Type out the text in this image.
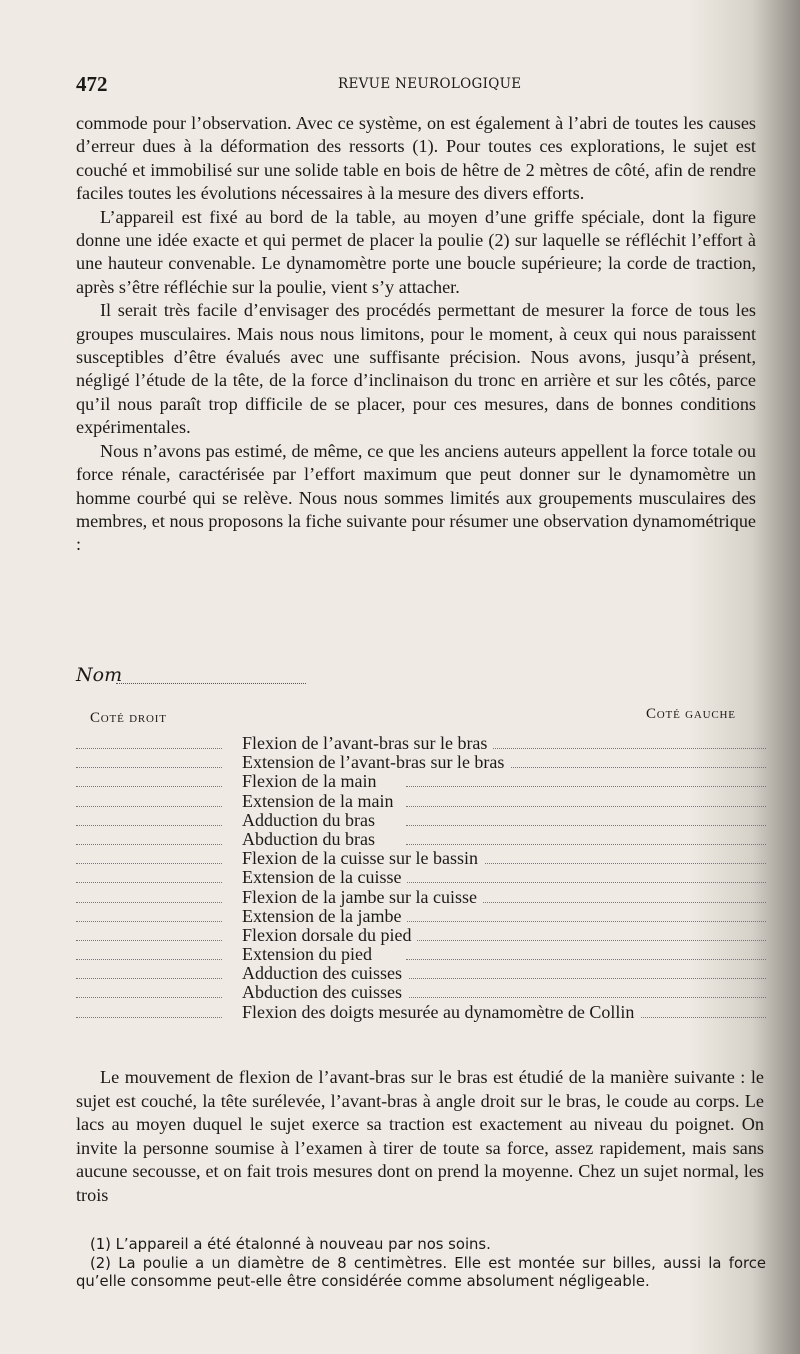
472	REVUE NEUROLOGIQUE

commode pour l’observation. Avec ce système, on est également à l’abri de toutes les causes d’erreur dues à la déformation des ressorts (1). Pour toutes ces explorations, le sujet est couché et immobilisé sur une solide table en bois de hêtre de 2 mètres de côté, afin de rendre faciles toutes les évolutions nécessaires à la mesure des divers efforts.

L’appareil est fixé au bord de la table, au moyen d’une griffe spéciale, dont la figure donne une idée exacte et qui permet de placer la poulie (2) sur laquelle se réfléchit l’effort à une hauteur convenable. Le dynamomètre porte une boucle supérieure; la corde de traction, après s’être réfléchie sur la poulie, vient s’y attacher.

Il serait très facile d’envisager des procédés permettant de mesurer la force de tous les groupes musculaires. Mais nous nous limitons, pour le moment, à ceux qui nous paraissent susceptibles d’être évalués avec une suffisante précision. Nous avons, jusqu’à présent, négligé l’étude de la tête, de la force d’inclinaison du tronc en arrière et sur les côtés, parce qu’il nous paraît trop difficile de se placer, pour ces mesures, dans de bonnes conditions expérimentales.

Nous n’avons pas estimé, de même, ce que les anciens auteurs appellent la force totale ou force rénale, caractérisée par l’effort maximum que peut donner sur le dynamomètre un homme courbé qui se relève. Nous nous sommes limités aux groupements musculaires des membres, et nous proposons la fiche suivante pour résumer une observation dynamométrique :

Nom
Coté droit	Coté gauche
Flexion de l’avant-bras sur le bras
Extension de l’avant-bras sur le bras
Flexion de la main
Extension de la main
Adduction du bras
Abduction du bras
Flexion de la cuisse sur le bassin
Extension de la cuisse
Flexion de la jambe sur la cuisse
Extension de la jambe
Flexion dorsale du pied
Extension du pied
Adduction des cuisses
Abduction des cuisses
Flexion des doigts mesurée au dynamomètre de Collin

Le mouvement de flexion de l’avant-bras sur le bras est étudié de la manière suivante : le sujet est couché, la tête surélevée, l’avant-bras à angle droit sur le bras, le coude au corps. Le lacs au moyen duquel le sujet exerce sa traction est exactement au niveau du poignet. On invite la personne soumise à l’examen à tirer de toute sa force, assez rapidement, mais sans aucune secousse, et on fait trois mesures dont on prend la moyenne. Chez un sujet normal, les trois

(1) L’appareil a été étalonné à nouveau par nos soins.

(2) La poulie a un diamètre de 8 centimètres. Elle est montée sur billes, aussi la force qu’elle consomme peut-elle être considérée comme absolument négligeable.
